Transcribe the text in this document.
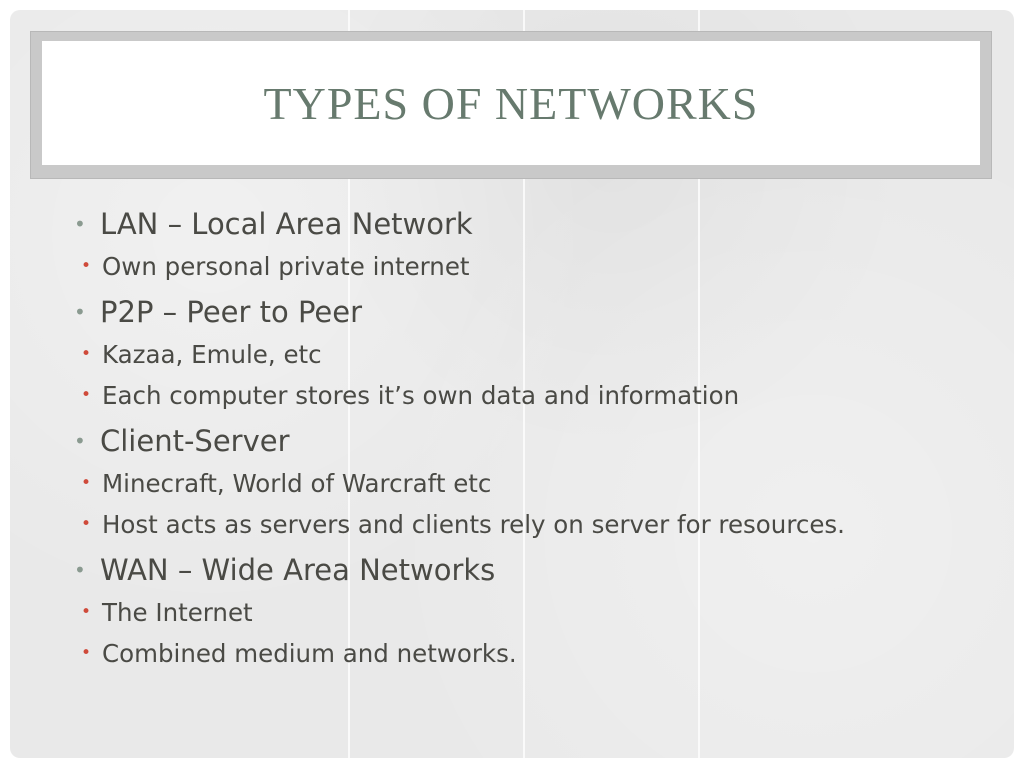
TYPES OF NETWORKS
• LAN – Local Area Network
• Own personal private internet
• P2P – Peer to Peer
• Kazaa, Emule, etc
• Each computer stores it’s own data and information
• Client-Server
• Minecraft, World of Warcraft etc
• Host acts as servers and clients rely on server for resources.
• WAN – Wide Area Networks
• The Internet
• Combined medium and networks.
